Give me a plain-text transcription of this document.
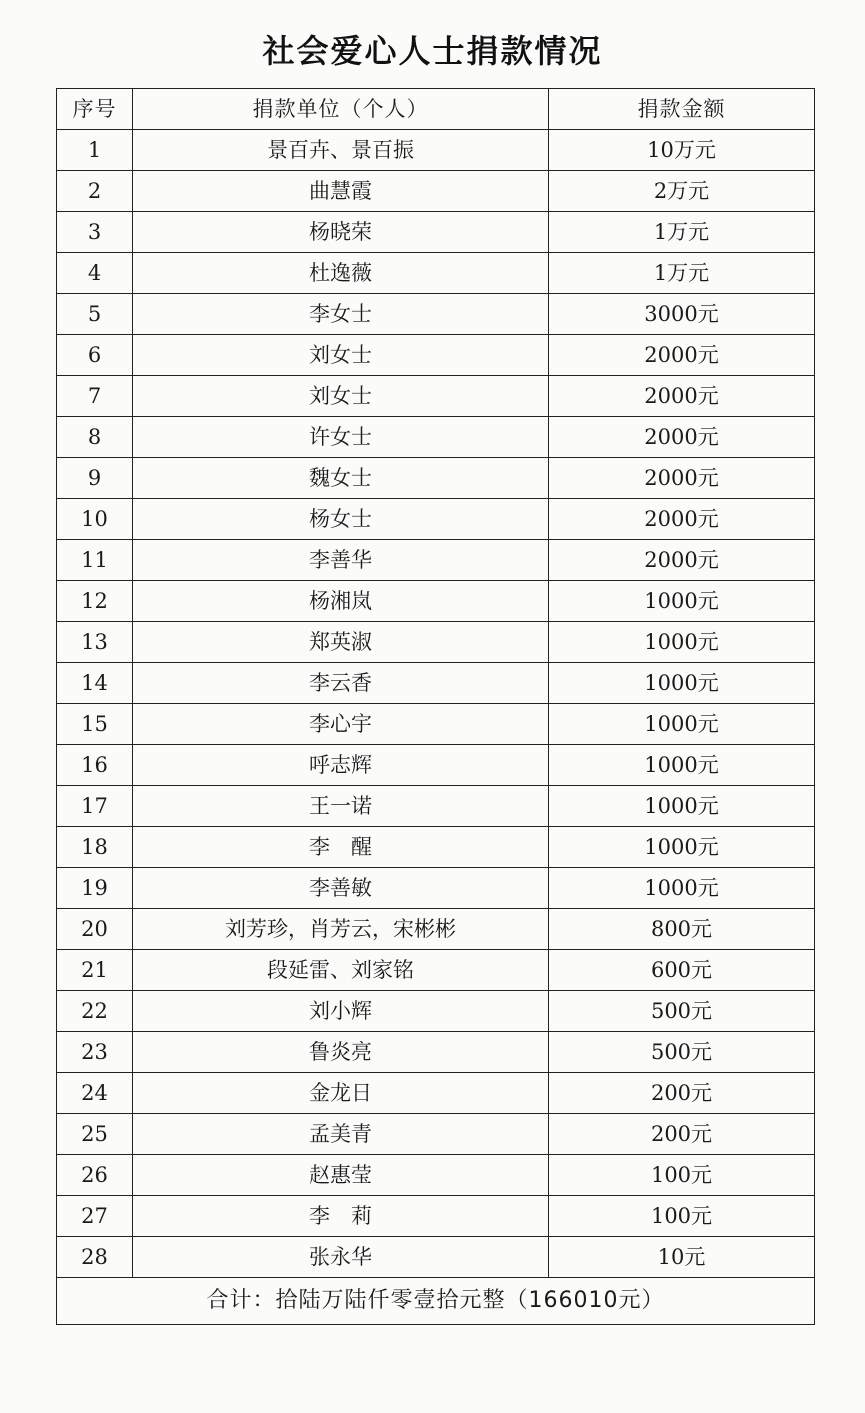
社会爱心人士捐款情况
序号	捐款单位（个人）	捐款金额
1	景百卉、景百振	10万元
2	曲慧霞	2万元
3	杨晓荣	1万元
4	杜逸薇	1万元
5	李女士	3000元
6	刘女士	2000元
7	刘女士	2000元
8	许女士	2000元
9	魏女士	2000元
10	杨女士	2000元
11	李善华	2000元
12	杨湘岚	1000元
13	郑英淑	1000元
14	李云香	1000元
15	李心宇	1000元
16	呼志辉	1000元
17	王一诺	1000元
18	李　醒	1000元
19	李善敏	1000元
20	刘芳珍，肖芳云，宋彬彬	800元
21	段延雷、刘家铭	600元
22	刘小辉	500元
23	鲁炎亮	500元
24	金龙日	200元
25	孟美青	200元
26	赵惠莹	100元
27	李　莉	100元
28	张永华	10元
合计：拾陆万陆仟零壹拾元整（166010元）		
